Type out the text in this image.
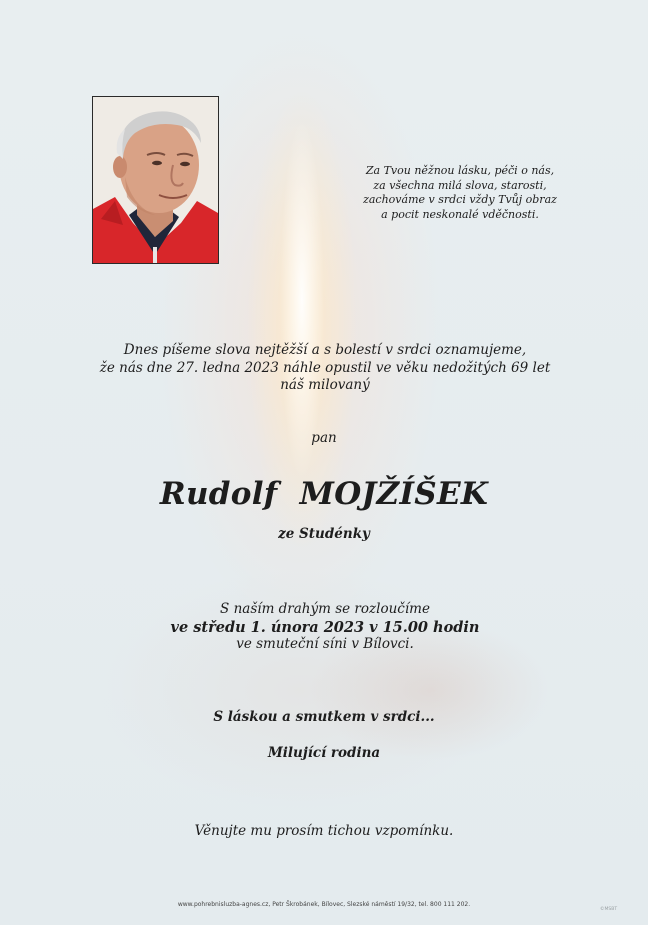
Za Tvou něžnou lásku, péči o nás,
za všechna milá slova, starosti,
zachováme v srdci vždy Tvůj obraz
a pocit neskonalé vděčnosti.
Dnes píšeme slova nejtěžší a s bolestí v srdci oznamujeme,
že nás dne 27. ledna 2023 náhle opustil ve věku nedožitých 69 let
náš milovaný
pan
Rudolf MOJŽÍŠEK
ze Studénky
S naším drahým se rozloučíme
ve středu 1. února 2023 v 15.00 hodin
ve smuteční síni v Bílovci.
S láskou a smutkem v srdci...
Milující rodina
Věnujte mu prosím tichou vzpomínku.
www.pohrebnisluzba-agnes.cz, Petr Škrobánek, Bílovec, Slezské náměstí 19/32, tel. 800 111 202.
©MSBT
